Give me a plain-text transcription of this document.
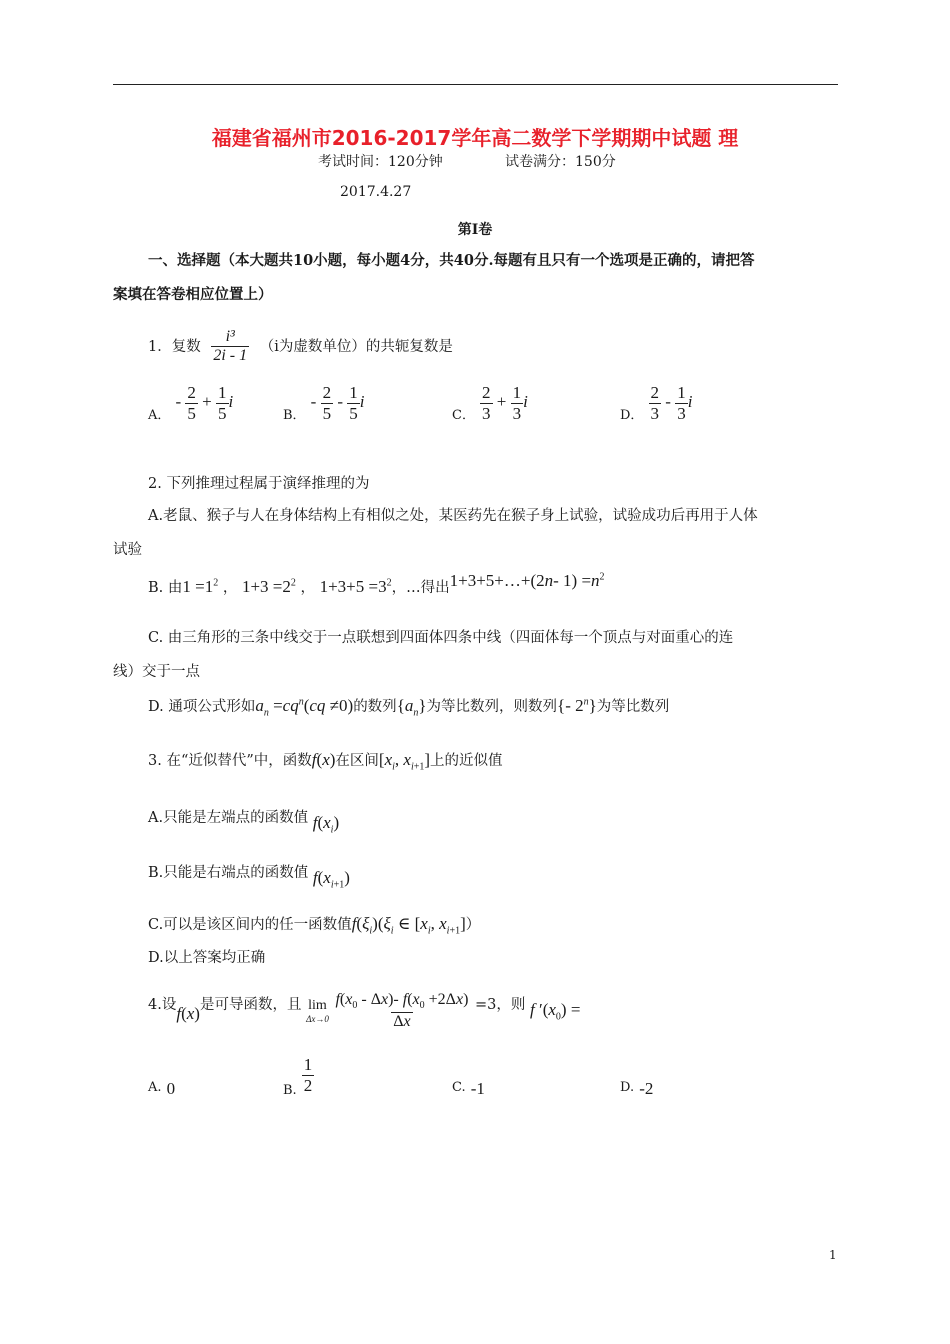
福建省福州市2016-2017学年高二数学下学期期中试题 理
考试时间：120分钟	试卷满分：150分
2017.4.27
第Ⅰ卷
一、选择题（本大题共10小题，每小题4分，共40分.每题有且只有一个选项是正确的，请把答
案填在答卷相应位置上）
1．复数 $\frac{\text{i³}}{2i - 1} (i$为虚数单位）的共轭复数是
A． - $\frac{2}{5} + \frac{1}{5}$ i
B． - $\frac{2}{5} - \frac{1}{5}$ i
C． $\frac{2}{3} + \frac{1}{3}$ i
D． $\frac{2}{3} - \frac{1}{3}$ i
2. 下列推理过程属于演绎推理的为
A.老鼠、猴子与人在身体结构上有相似之处，某医药先在猴子身上试验，试验成功后再用于人体
试验
B. 由$1 =1^2$ ， $1+3 =2^2$ ， $1+3+5 =3^2$，…得出1+3+5+…+(2n- $1) =n^2$
C. 由三角形的三条中线交于一点联想到四面体四条中线（四面体每一个顶点与对面重心的连
线）交于一点
D. 通项公式形如$a_n =cq^n(cq \ne 0)$的数列$\{a_n\}$为等比数列，则数列{- 2$^n$}为等比数列
3. 在“近似替代”中，函数f(x)在区间[$x_i$, $x_{i+1}$]上的近似值
A.只能是左端点的函数值 $f(x_i)$
B.只能是右端点的函数值 $f(x_{i+1})$
C.可以是该区间内的任一函数值$f(\xi_i)(\xi_i$ ∈ [$x_i$, $x_{i+1}$]）
D.以上答案均正确
4.设f(x)是可导函数，且 lim
Δx→0
$\frac{f(x_0 - \Delta x)- f(x_0 +2\Delta x)}{\Delta x} =3$，则 f $'(x_0)$ =
A. 0	$_{B.} \frac{1}{2}$	C. -1	D. -2
1
